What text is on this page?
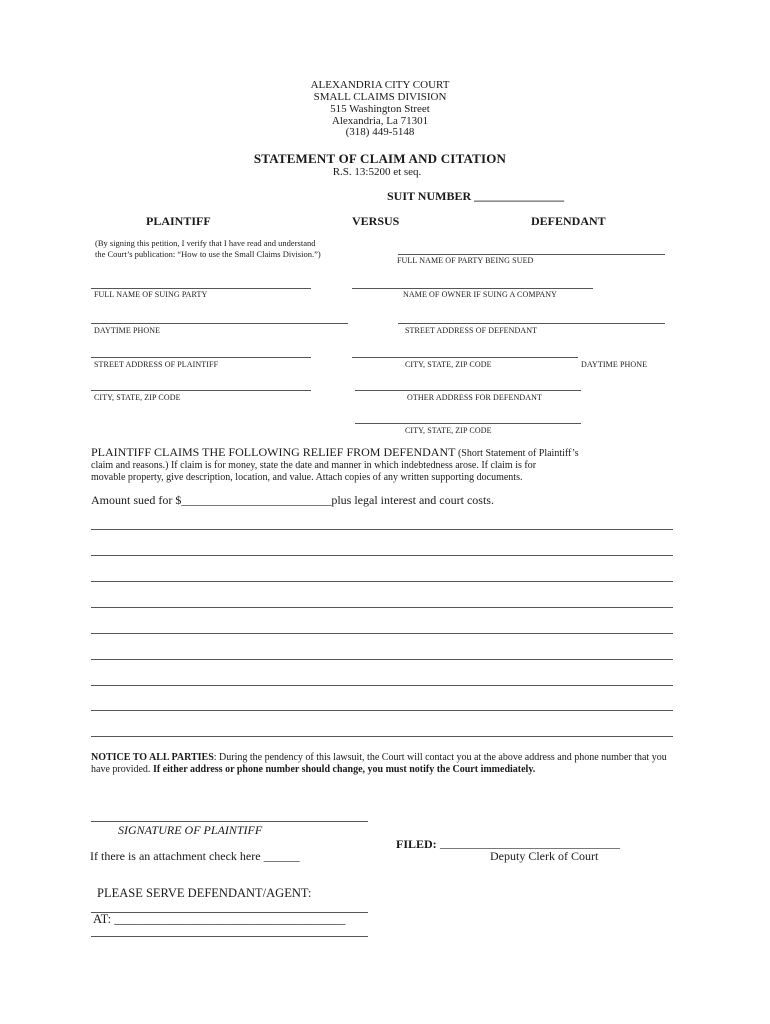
ALEXANDRIA CITY COURT
SMALL CLAIMS DIVISION
515 Washington Street
Alexandria, La 71301
(318) 449-5148
STATEMENT OF CLAIM AND CITATION
R.S. 13:5200 et seq.
SUIT NUMBER _______________
PLAINTIFF	VERSUS	DEFENDANT
(By signing this petition, I verify that I have read and understand
the Court’s publication: “How to use the Small Claims Division.”)
FULL NAME OF PARTY BEING SUED
FULL NAME OF SUING PARTY	NAME OF OWNER IF SUING A COMPANY
DAYTIME PHONE	STREET ADDRESS OF DEFENDANT
STREET ADDRESS OF PLAINTIFF	CITY, STATE, ZIP CODE	DAYTIME PHONE
CITY, STATE, ZIP CODE	OTHER ADDRESS FOR DEFENDANT
CITY, STATE, ZIP CODE
PLAINTIFF CLAIMS THE FOLLOWING RELIEF FROM DEFENDANT (Short Statement of Plaintiff’s
claim and reasons.) If claim is for money, state the date and manner in which indebtedness arose. If claim is for
movable property, give description, location, and value. Attach copies of any written supporting documents.
Amount sued for $_________________________plus legal interest and court costs.
NOTICE TO ALL PARTIES: During the pendency of this lawsuit, the Court will contact you at the above address and phone number that you have provided. If either address or phone number should change, you must notify the Court immediately.
SIGNATURE OF PLAINTIFF
FILED: ______________________________
If there is an attachment check here ______	Deputy Clerk of Court
PLEASE SERVE DEFENDANT/AGENT:
AT: _____________________________________
